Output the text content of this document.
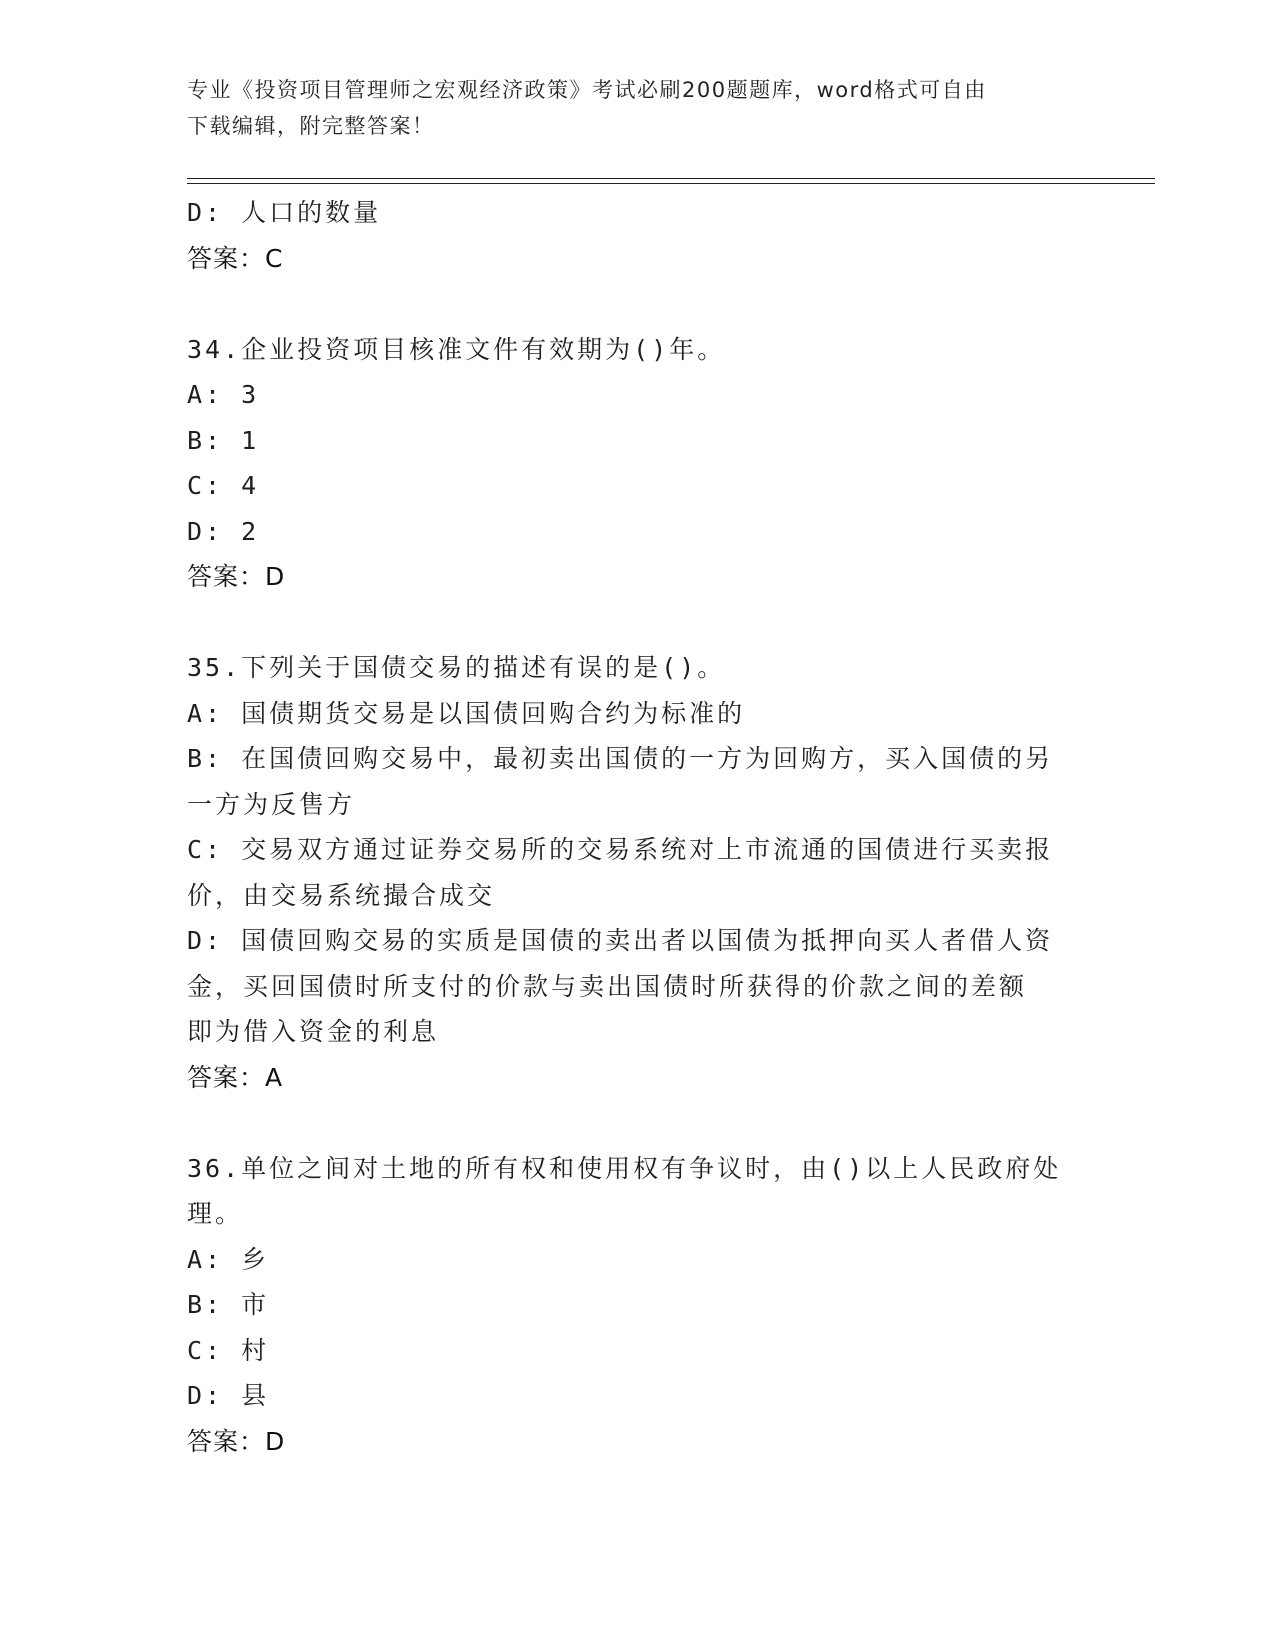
专业《投资项目管理师之宏观经济政策》考试必刷200题题库，word格式可自由
下载编辑，附完整答案！
D: 人口的数量
答案：C
34.企业投资项目核准文件有效期为()年。
A: 3
B: 1
C: 4
D: 2
答案：D
35.下列关于国债交易的描述有误的是()。
A: 国债期货交易是以国债回购合约为标准的
B: 在国债回购交易中，最初卖出国债的一方为回购方，买入国债的另
一方为反售方
C: 交易双方通过证券交易所的交易系统对上市流通的国债进行买卖报
价，由交易系统撮合成交
D: 国债回购交易的实质是国债的卖出者以国债为抵押向买人者借人资
金，买回国债时所支付的价款与卖出国债时所获得的价款之间的差额
即为借入资金的利息
答案：A
36.单位之间对土地的所有权和使用权有争议时，由()以上人民政府处
理。
A: 乡
B: 市
C: 村
D: 县
答案：D
